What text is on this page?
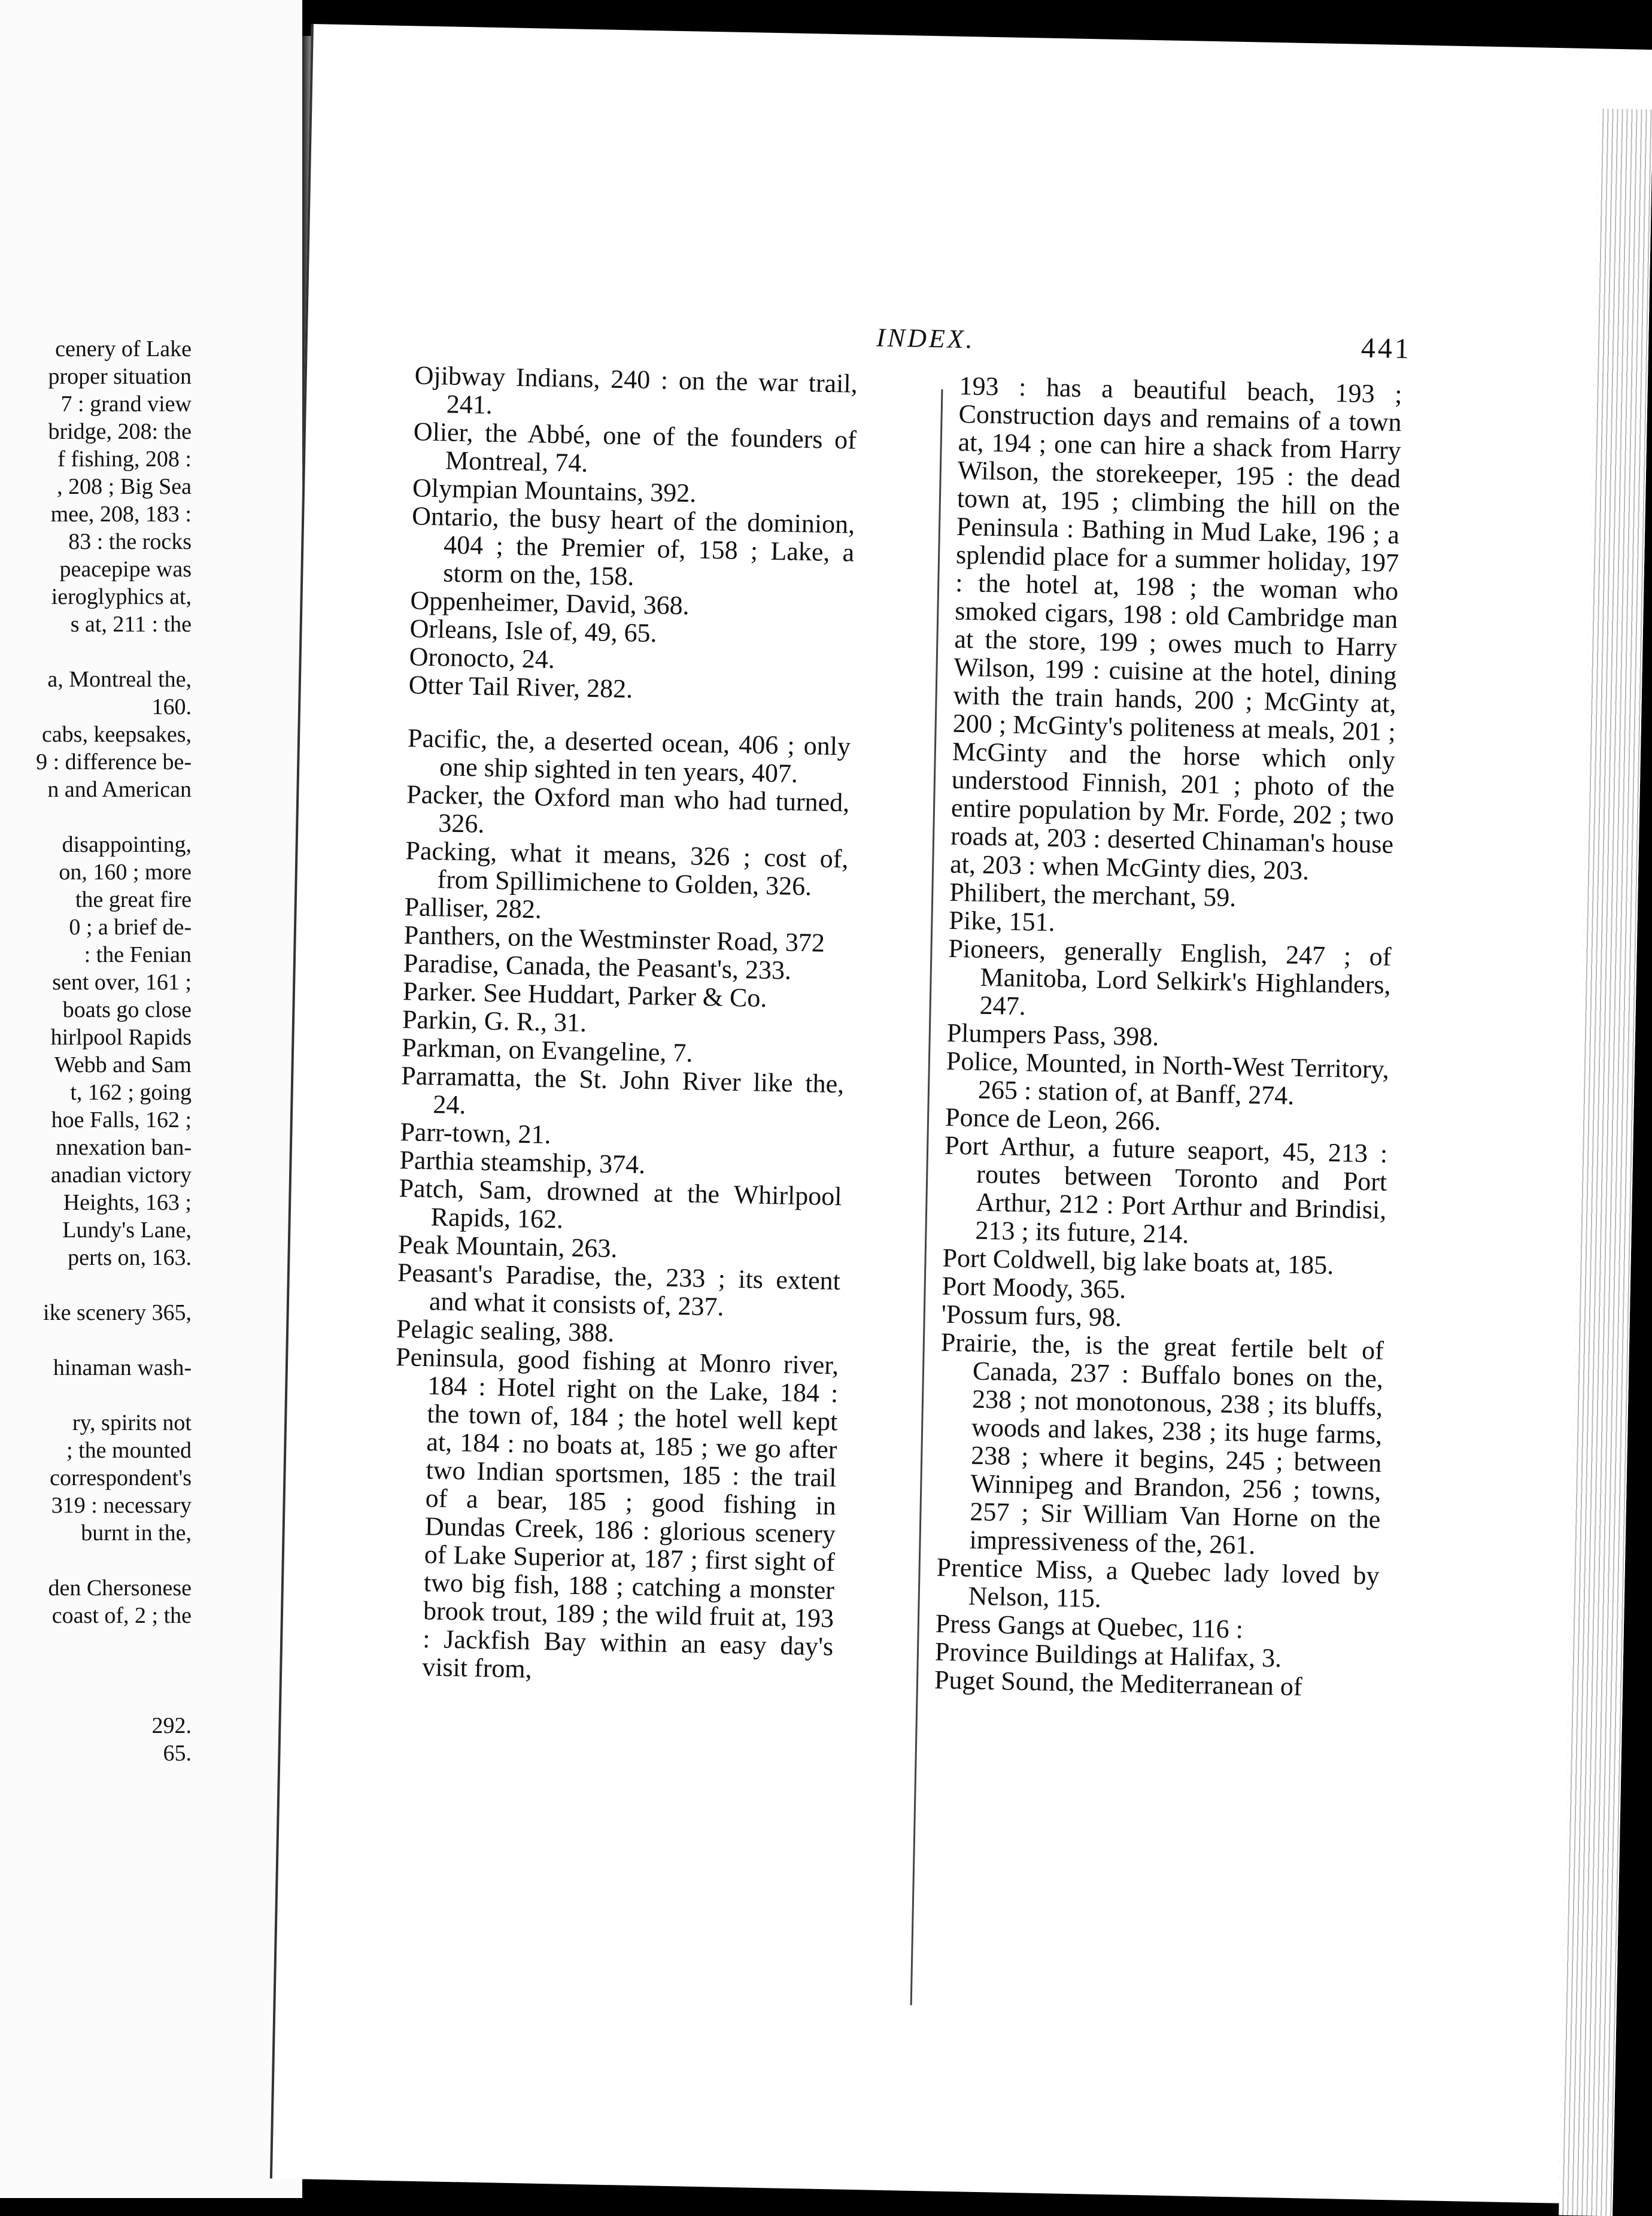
cenery of Lake
proper situation
7 : grand view
bridge, 208: the
f fishing, 208 :
, 208 ; Big Sea
mee, 208, 183 :
83 : the rocks
peacepipe was
ieroglyphics at,
s at, 211 : the
a, Montreal the,
160.
cabs, keepsakes,
9 : difference be-
n and American
disappointing,
on, 160 ; more
the great fire
0 ; a brief de-
: the Fenian
sent over, 161 ;
boats go close
hirlpool Rapids
Webb and Sam
t, 162 ; going
hoe Falls, 162 ;
nnexation ban-
anadian victory
Heights, 163 ;
Lundy's Lane,
perts on, 163.
ike scenery 365,
hinaman wash-
ry, spirits not
; the mounted
correspondent's
319 : necessary
burnt in the,
den Chersonese
coast of, 2 ; the
292.
65.
INDEX.	441

Ojibway Indians, 240 : on the war trail, 241.

Olier, the Abbé, one of the founders of Montreal, 74.

Olympian Mountains, 392.

Ontario, the busy heart of the dominion, 404 ; the Premier of, 158 ; Lake, a storm on the, 158.

Oppenheimer, David, 368.

Orleans, Isle of, 49, 65.

Oronocto, 24.

Otter Tail River, 282.

Pacific, the, a deserted ocean, 406 ; only one ship sighted in ten years, 407.

Packer, the Oxford man who had turned, 326.

Packing, what it means, 326 ; cost of, from Spillimichene to Golden, 326.

Palliser, 282.

Panthers, on the Westminster Road, 372

Paradise, Canada, the Peasant's, 233.

Parker. See Huddart, Parker & Co.

Parkin, G. R., 31.

Parkman, on Evangeline, 7.

Parramatta, the St. John River like the, 24.

Parr-town, 21.

Parthia steamship, 374.

Patch, Sam, drowned at the Whirlpool Rapids, 162.

Peak Mountain, 263.

Peasant's Paradise, the, 233 ; its extent and what it consists of, 237.

Pelagic sealing, 388.

Peninsula, good fishing at Monro river, 184 : Hotel right on the Lake, 184 : the town of, 184 ; the hotel well kept at, 184 : no boats at, 185 ; we go after two Indian sportsmen, 185 : the trail of a bear, 185 ; good fishing in Dundas Creek, 186 : glorious scenery of Lake Superior at, 187 ; first sight of two big fish, 188 ; catching a monster brook trout, 189 ; the wild fruit at, 193 : Jackfish Bay within an easy day's visit from,

193 : has a beautiful beach, 193 ; Construction days and remains of a town at, 194 ; one can hire a shack from Harry Wilson, the storekeeper, 195 : the dead town at, 195 ; climbing the hill on the Peninsula : Bathing in Mud Lake, 196 ; a splendid place for a summer holiday, 197 : the hotel at, 198 ; the woman who smoked cigars, 198 : old Cambridge man at the store, 199 ; owes much to Harry Wilson, 199 : cuisine at the hotel, dining with the train hands, 200 ; McGinty at, 200 ; McGinty's politeness at meals, 201 ; McGinty and the horse which only understood Finnish, 201 ; photo of the entire population by Mr. Forde, 202 ; two roads at, 203 : deserted Chinaman's house at, 203 : when McGinty dies, 203.

Philibert, the merchant, 59.

Pike, 151.

Pioneers, generally English, 247 ; of Manitoba, Lord Selkirk's Highlanders, 247.

Plumpers Pass, 398.

Police, Mounted, in North-West Territory, 265 : station of, at Banff, 274.

Ponce de Leon, 266.

Port Arthur, a future seaport, 45, 213 : routes between Toronto and Port Arthur, 212 : Port Arthur and Brindisi, 213 ; its future, 214.

Port Coldwell, big lake boats at, 185.

Port Moody, 365.

'Possum furs, 98.

Prairie, the, is the great fertile belt of Canada, 237 : Buffalo bones on the, 238 ; not monotonous, 238 ; its bluffs, woods and lakes, 238 ; its huge farms, 238 ; where it begins, 245 ; between Winnipeg and Brandon, 256 ; towns, 257 ; Sir William Van Horne on the impressiveness of the, 261.

Prentice Miss, a Quebec lady loved by Nelson, 115.

Press Gangs at Quebec, 116 :

Province Buildings at Halifax, 3.

Puget Sound, the Mediterranean of
